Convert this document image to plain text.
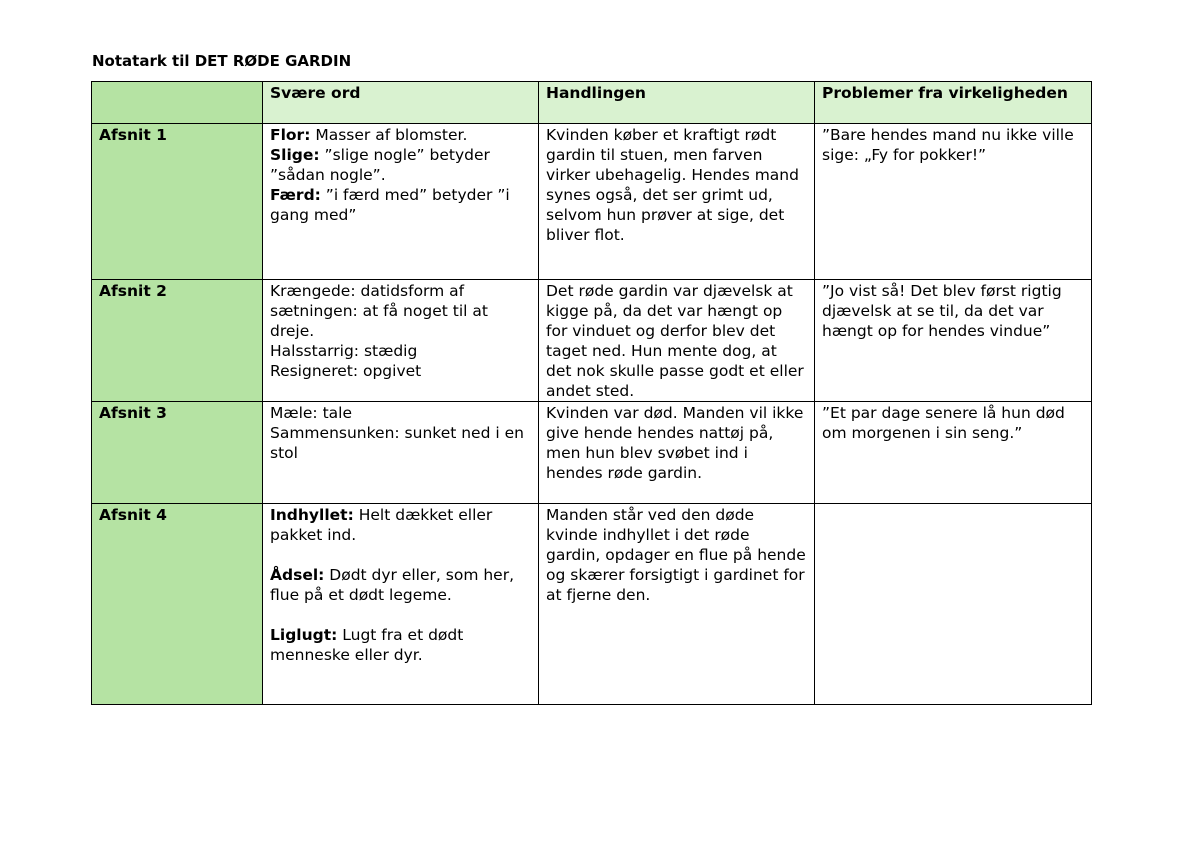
Notatark til DET RØDE GARDIN
	Svære ord	Handlingen	Problemer fra virkeligheden
Afsnit 1	Flor: Masser af blomster.
Slige: ”slige nogle” betyder ”sådan nogle”.
Færd: ”i færd med” betyder ”i gang med”	Kvinden køber et kraftigt rødt gardin til stuen, men farven virker ubehagelig. Hendes mand synes også, det ser grimt ud, selvom hun prøver at sige, det bliver flot.	”Bare hendes mand nu ikke ville sige: „Fy for pokker!”
Afsnit 2	Krængede: datidsform af sætningen: at få noget til at dreje.
Halsstarrig: stædig
Resigneret: opgivet	Det røde gardin var djævelsk at kigge på, da det var hængt op for vinduet og derfor blev det taget ned. Hun mente dog, at det nok skulle passe godt et eller andet sted.	”Jo vist så! Det blev først rigtig djævelsk at se til, da det var hængt op for hendes vindue”
Afsnit 3	Mæle: tale
Sammensunken: sunket ned i en stol	Kvinden var død. Manden vil ikke give hende hendes nattøj på, men hun blev svøbet ind i hendes røde gardin.	”Et par dage senere lå hun død om morgenen i sin seng.”
Afsnit 4	Indhyllet: Helt dækket eller pakket ind.
Ådsel: Dødt dyr eller, som her, flue på et dødt legeme.
Liglugt: Lugt fra et dødt menneske eller dyr.	Manden står ved den døde kvinde indhyllet i det røde gardin, opdager en flue på hende og skærer forsigtigt i gardinet for at fjerne den.	
